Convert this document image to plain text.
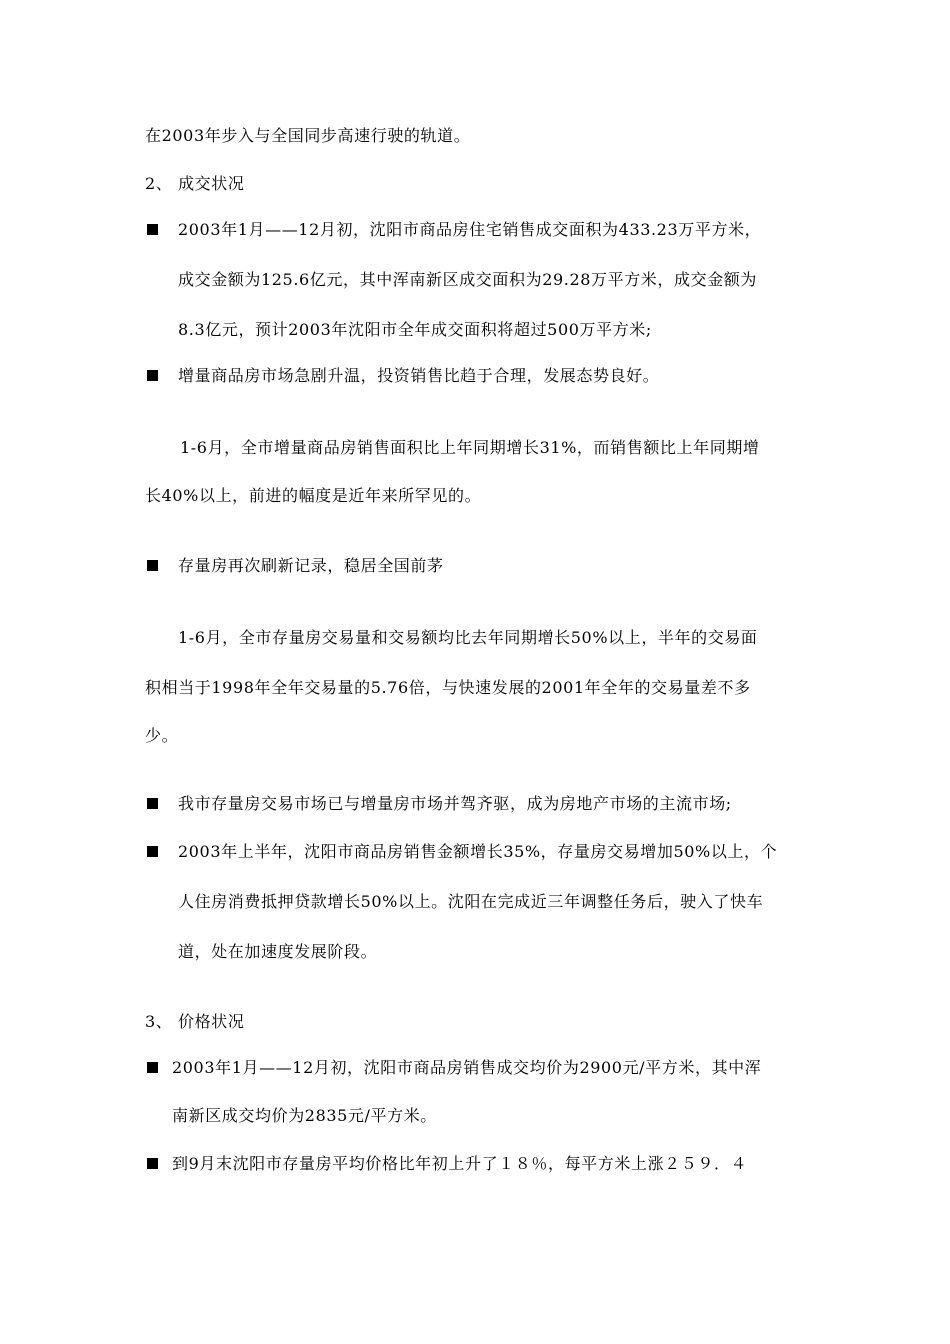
在2003年步入与全国同步高速行驶的轨道。
2、 成交状况
2003年1月——12月初，沈阳市商品房住宅销售成交面积为433.23万平方米，
成交金额为125.6亿元，其中浑南新区成交面积为29.28万平方米，成交金额为
8.3亿元，预计2003年沈阳市全年成交面积将超过500万平方米;
增量商品房市场急剧升温，投资销售比趋于合理，发展态势良好。
1-6月，全市增量商品房销售面积比上年同期增长31%，而销售额比上年同期增
长40%以上，前进的幅度是近年来所罕见的。
存量房再次刷新记录，稳居全国前茅
1-6月，全市存量房交易量和交易额均比去年同期增长50%以上，半年的交易面
积相当于1998年全年交易量的5.76倍，与快速发展的2001年全年的交易量差不多
少。
我市存量房交易市场已与增量房市场并驾齐驱，成为房地产市场的主流市场;
2003年上半年，沈阳市商品房销售金额增长35%，存量房交易增加50%以上，个
人住房消费抵押贷款增长50%以上。沈阳在完成近三年调整任务后，驶入了快车
道，处在加速度发展阶段。
3、 价格状况
2003年1月——12月初，沈阳市商品房销售成交均价为2900元/平方米，其中浑
南新区成交均价为2835元/平方米。
到9月末沈阳市存量房平均价格比年初上升了１８％，每平方米上涨２５９．４
